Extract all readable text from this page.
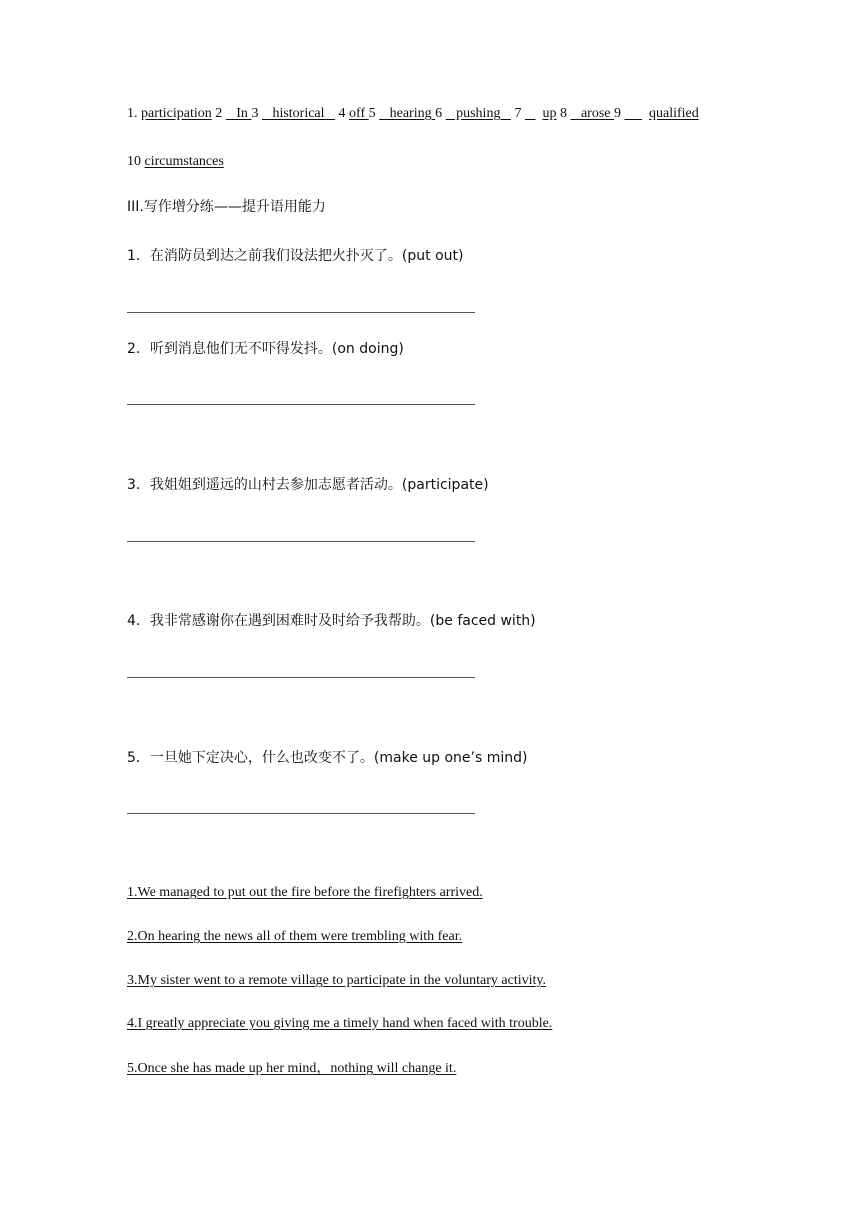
1. participation 2    In 3    historical    4 off 5    hearing 6    pushing    7      up 8    arose 9        qualified
10 circumstances
III.写作增分练——提升语用能力
1．在消防员到达之前我们设法把火扑灭了。(put out)
2．听到消息他们无不吓得发抖。(on doing)
3．我姐姐到遥远的山村去参加志愿者活动。(participate)
4．我非常感谢你在遇到困难时及时给予我帮助。(be faced with)
5．一旦她下定决心，什么也改变不了。(make up one’s mind)
1.We managed to put out the fire before the firefighters arrived.
2.On hearing the news all of them were trembling with fear.
3.My sister went to a remote village to participate in the voluntary activity.
4.I greatly appreciate you giving me a timely hand when faced with trouble.
5.Once she has made up her mind，nothing will change it.
